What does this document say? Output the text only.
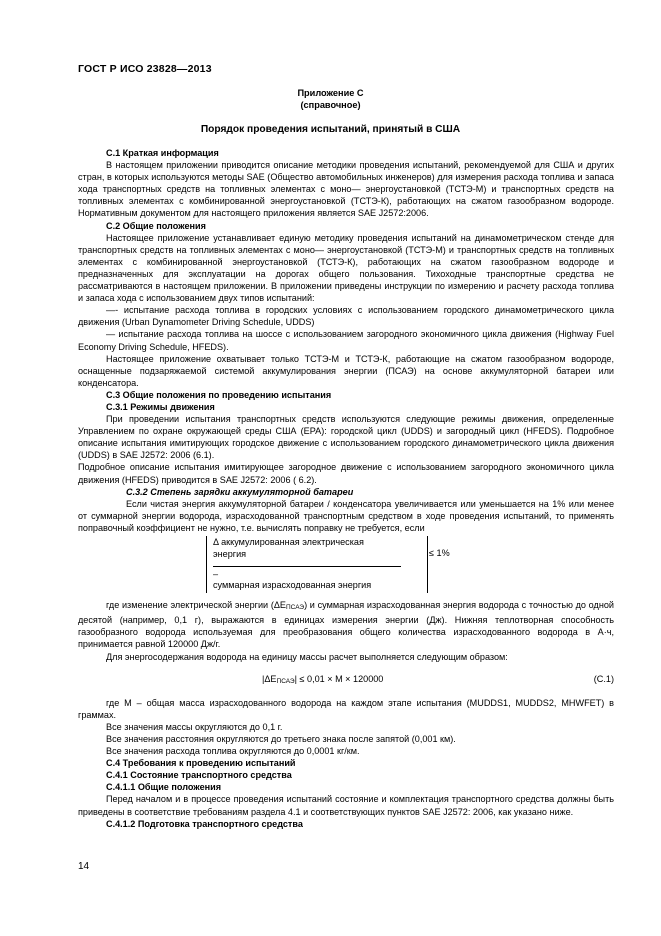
ГОСТ Р ИСО 23828—2013
Приложение С
(справочное)
Порядок проведения испытаний, принятый в США

С.1 Краткая информация

В настоящем приложении приводится описание методики проведения испытаний, рекомендуемой для США и других стран, в которых используются методы SAE (Общество автомобильных инженеров) для измерения расхода топлива и запаса хода транспортных средств на топливных элементах с моно— энергоустановкой (ТСТЭ-М) и транспортных средств на топливных элементах с комбинированной энергоустановкой (ТСТЭ-К), работающих на сжатом газообразном водороде. Нормативным документом для настоящего приложения является SAE J2572:2006.

С.2 Общие положения

Настоящее приложение устанавливает единую методику проведения испытаний на динамометрическом стенде для транспортных средств на топливных элементах с моно— энергоустановкой (ТСТЭ-М) и транспортных средств на топливных элементах с комбинированной энергоустановкой (ТСТЭ-К), работающих на сжатом газообразном водороде и предназначенных для эксплуатации на дорогах общего пользования. Тихоходные транспортные средства не рассматриваются в настоящем приложении. В приложении приведены инструкции по измерению и расчету расхода топлива и запаса хода с использованием двух типов испытаний:

—- испытание расхода топлива в городских условиях с использованием городского динамометрического цикла движения (Urban Dynamometer Driving Schedule, UDDS)

— испытание расхода топлива на шоссе с использованием загородного экономичного цикла движения (Highway Fuel Economy Driving Schedule, HFEDS).

Настоящее приложение охватывает только ТСТЭ-М и ТСТЭ-К, работающие на сжатом газообразном водороде, оснащенные подзаряжаемой системой аккумулирования энергии (ПСАЭ) на основе аккумуляторной батареи или конденсатора.

С.3 Общие положения по проведению испытания

С.3.1 Режимы движения

При проведении испытания транспортных средств используются следующие режимы движения, определенные Управлением по охране окружающей среды США (ЕРА): городской цикл (UDDS) и загородный цикл (HFEDS). Подробное описание испытания имитирующих городское движение с использованием городского динамометрического цикла движения (UDDS) в SAE J2572: 2006 (6.1).

Подробное описание испытания имитирующее загородное движение с использованием загородного экономичного цикла движения (HFEDS) приводится в SAE J2572: 2006 ( 6.2).

С.3.2 Степень зарядки аккумуляторной батареи

Если чистая энергия аккумуляторной батареи / конденсатора увеличивается или уменьшается на 1% или менее от суммарной энергии водорода, израсходованной транспортным средством в ходе проведения испытаний, то применять поправочный коэффициент не нужно, т.е. вычислять поправку не требуется, если

Δ аккумулированная электрическая
энергия
–
суммарная израсходованная энергия
≤ 1%

где изменение электрической энергии $(\Delta E_{ПСАЭ})$ и суммарная израсходованная энергия водорода с точностью до одной десятой (например, 0,1 г), выражаются в единицах измерения энергии (Дж). Нижняя теплотворная способность газообразного водорода используемая для преобразования общего количества израсходованного водорода в А·ч, принимается равной 120000 Дж/г.

Для энергосодержания водорода на единицу массы расчет выполняется следующим образом:

$|\Delta E_{ПСАЭ}| \le 0,01 \times M \times 120000$	(С.1)

где M – общая масса израсходованного водорода на каждом этапе испытания (MUDDS1, MUDDS2, MHWFET) в граммах.

Все значения массы округляются до 0,1 г.

Все значения расстояния округляются до третьего знака после запятой (0,001 км).

Все значения расхода топлива округляются до 0,0001 кг/км.

С.4 Требования к проведению испытаний

С.4.1 Состояние транспортного средства

С.4.1.1 Общие положения

Перед началом и в процессе проведения испытаний состояние и комплектация транспортного средства должны быть приведены в соответствие требованиям раздела 4.1 и соответствующих пунктов SAE J2572: 2006, как указано ниже.

С.4.1.2 Подготовка транспортного средства

14
